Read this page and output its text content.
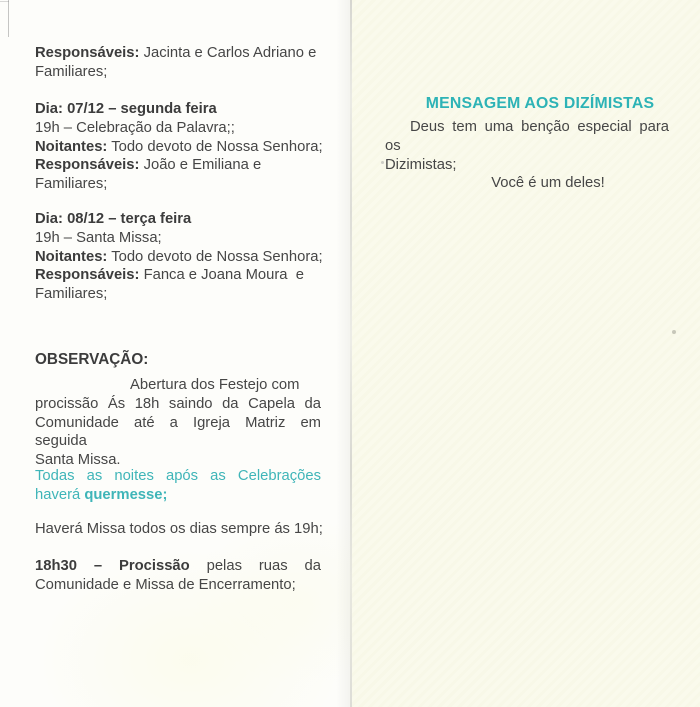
Responsáveis: Jacinta e Carlos Adriano e
Familiares;
Dia: 07/12 – segunda feira
19h – Celebração da Palavra;;
Noitantes: Todo devoto de Nossa Senhora;
Responsáveis: João e Emiliana e
Familiares;
Dia: 08/12 – terça feira
19h – Santa Missa;
Noitantes: Todo devoto de Nossa Senhora;
Responsáveis: Fanca e Joana Moura  e
Familiares;
OBSERVAÇÃO:
Abertura dos Festejo com
procissão Ás 18h saindo da Capela da
Comunidade até a Igreja Matriz em seguida
Santa Missa.
Todas as noites após as Celebrações
haverá quermesse;
Haverá Missa todos os dias sempre ás 19h;
18h30 – Procissão pelas ruas da
Comunidade e Missa de Encerramento;
MENSAGEM AOS DIZÍMISTAS
Deus tem uma benção especial para os
Dizimistas;
Você é um deles!
